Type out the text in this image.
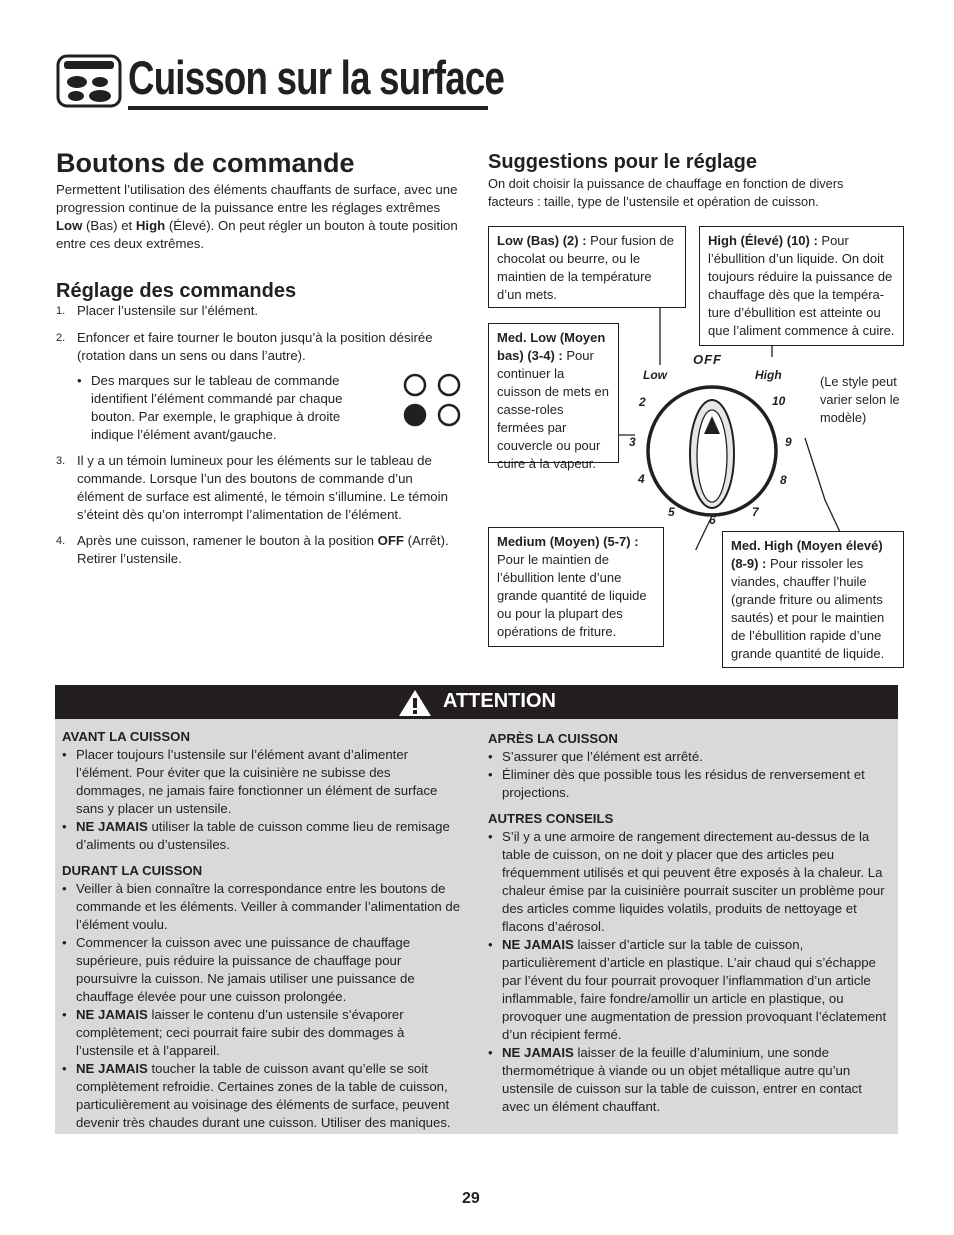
Cuisson sur la surface
Boutons de commande
Permettent l’utilisation des éléments chauffants de surface, avec une progression continue de la puissance entre les réglages extrêmes Low (Bas) et High (Élevé). On peut régler un bouton à toute position entre ces deux extrêmes.
Réglage des commandes
1. Placer l’ustensile sur l’élément.
2. Enfoncer et faire tourner le bouton jusqu’à la position désirée (rotation dans un sens ou dans l’autre).
• Des marques sur le tableau de commande identifient l’élément commandé par chaque bouton. Par exemple, le graphique à droite indique l’élément avant/gauche.
3. Il y a un témoin lumineux pour les éléments sur le tableau de commande. Lorsque l’un des boutons de commande d’un élément de surface est alimenté, le témoin s’illumine. Le témoin s’éteint dès qu’on interrompt l’alimentation de l’élément.
4. Après une cuisson, ramener le bouton à la position OFF (Arrêt). Retirer l’ustensile.
Suggestions pour le réglage
On doit choisir la puissance de chauffage en fonction de divers facteurs : taille, type de l’ustensile et opération de cuisson.
OFF
Low	High
2
3
4
5
6
7
8
9
10
Low (Bas) (2) : Pour fusion de chocolat ou beurre, ou le maintien de la température d’un mets.
High (Élevé) (10) : Pour l’ébullition d’un liquide. On doit toujours réduire la puissance de chauffage dès que la tempéra-ture d’ébullition est atteinte ou que l’aliment commence à cuire.
Med. Low (Moyen bas) (3-4) : Pour continuer la cuisson de mets en casse-roles fermées par couvercle ou pour cuire à la vapeur.
(Le style peut varier selon le modèle)
Medium (Moyen) (5-7) : Pour le maintien de l’ébullition lente d’une grande quantité de liquide ou pour la plupart des opérations de friture.
Med. High (Moyen élevé) (8-9) : Pour rissoler les viandes, chauffer l’huile (grande friture ou aliments sautés) et pour le maintien de l’ébullition rapide d’une grande quantité de liquide.
ATTENTION
AVANT LA CUISSON
• Placer toujours l’ustensile sur l’élément avant d’alimenter l’élément. Pour éviter que la cuisinière ne subisse des dommages, ne jamais faire fonctionner un élément de surface sans y placer un ustensile.
• NE JAMAIS utiliser la table de cuisson comme lieu de remisage d’aliments ou d’ustensiles.
DURANT LA CUISSON
• Veiller à bien connaître la correspondance entre les boutons de commande et les éléments. Veiller à commander l’alimentation de l’élément voulu.
• Commencer la cuisson avec une puissance de chauffage supérieure, puis réduire la puissance de chauffage pour poursuivre la cuisson. Ne jamais utiliser une puissance de chauffage élevée pour une cuisson prolongée.
• NE JAMAIS laisser le contenu d’un ustensile s’évaporer complètement; ceci pourrait faire subir des dommages à l’ustensile et à l’appareil.
• NE JAMAIS toucher la table de cuisson avant qu’elle se soit complètement refroidie. Certaines zones de la table de cuisson, particulièrement au voisinage des éléments de surface, peuvent devenir très chaudes durant une cuisson. Utiliser des maniques.
APRÈS LA CUISSON
• S’assurer que l’élément est arrêté.
• Éliminer dès que possible tous les résidus de renversement et projections.
AUTRES CONSEILS
• S’il y a une armoire de rangement directement au-dessus de la table de cuisson, on ne doit y placer que des articles peu fréquemment utilisés et qui peuvent être exposés à la chaleur. La chaleur émise par la cuisinière pourrait susciter un problème pour des articles comme liquides volatils, produits de nettoyage et flacons d’aérosol.
• NE JAMAIS laisser d’article sur la table de cuisson, particulièrement d’article en plastique. L’air chaud qui s’échappe par l’évent du four pourrait provoquer l’inflammation d’un article inflammable, faire fondre/amollir un article en plastique, ou provoquer une augmentation de pression provoquant l’éclatement d’un récipient fermé.
• NE JAMAIS laisser de la feuille d’aluminium, une sonde thermométrique à viande ou un objet métallique autre qu’un ustensile de cuisson sur la table de cuisson, entrer en contact avec un élément chauffant.
29
